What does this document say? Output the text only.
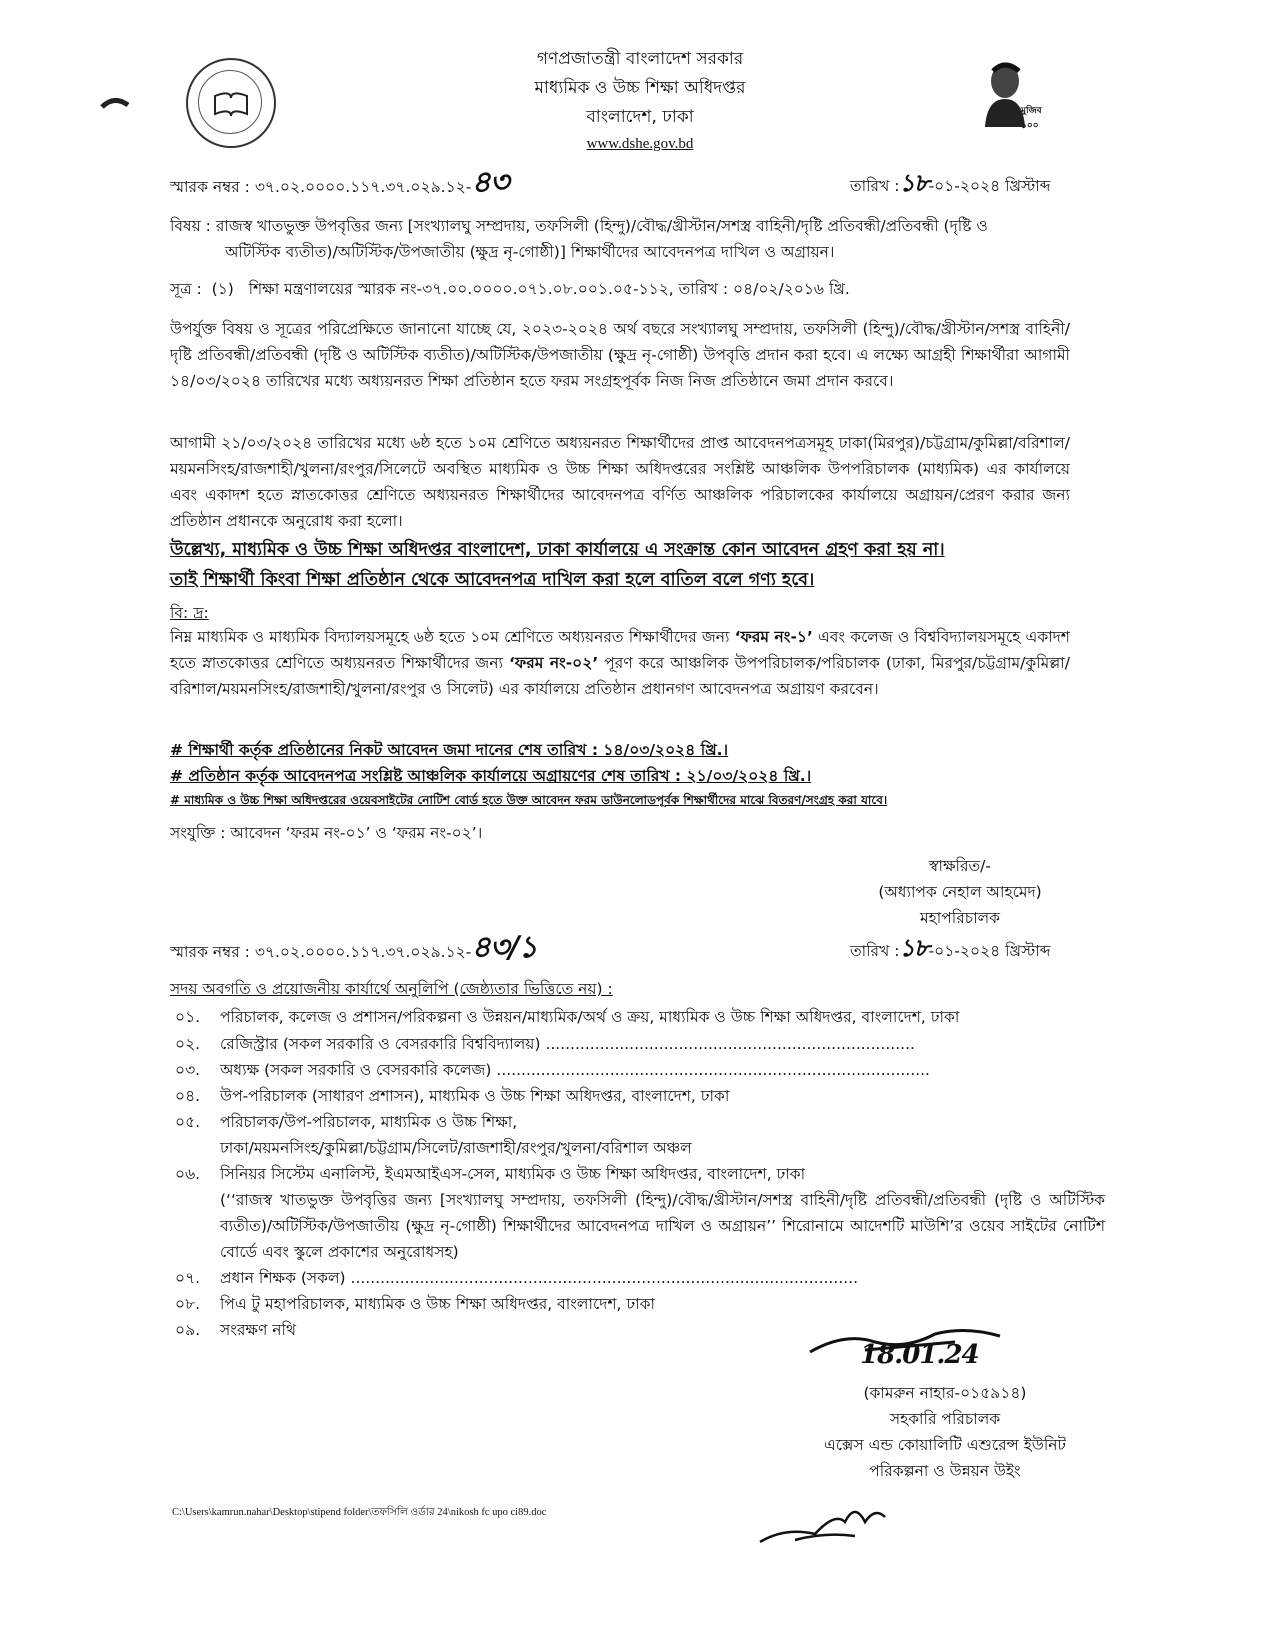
মুজিব ১০০
গণপ্রজাতন্ত্রী বাংলাদেশ সরকার
মাধ্যমিক ও উচ্চ শিক্ষা অধিদপ্তর
বাংলাদেশ, ঢাকা
www.dshe.gov.bd
স্মারক নম্বর : ৩৭.০২.০০০০.১১৭.৩৭.০২৯.১২-৪৩	তারিখ :১৮-০১-২০২৪ খ্রিস্টাব্দ
বিষয় : রাজস্ব খাতভুক্ত উপবৃত্তির জন্য [সংখ্যালঘু সম্প্রদায়, তফসিলী (হিন্দু)/বৌদ্ধ/খ্রীস্টান/সশস্ত্র বাহিনী/দৃষ্টি প্রতিবন্ধী/প্রতিবন্ধী (দৃষ্টি ও
অটিস্টিক ব্যতীত)/অটিস্টিক/উপজাতীয় (ক্ষুদ্র নৃ-গোষ্ঠী)] শিক্ষার্থীদের আবেদনপত্র দাখিল ও অগ্রায়ন।
সূত্র : (১) শিক্ষা মন্ত্রণালয়ের স্মারক নং-৩৭.০০.০০০০.০৭১.০৮.০০১.০৫-১১২, তারিখ : ০৪/০২/২০১৬ খ্রি.
উপর্যুক্ত বিষয় ও সূত্রের পরিপ্রেক্ষিতে জানানো যাচ্ছে যে, ২০২৩-২০২৪ অর্থ বছরে সংখ্যালঘু সম্প্রদায়, তফসিলী (হিন্দু)/বৌদ্ধ/খ্রীস্টান/সশস্ত্র বাহিনী/দৃষ্টি প্রতিবন্ধী/প্রতিবন্ধী (দৃষ্টি ও অটিস্টিক ব্যতীত)/অটিস্টিক/উপজাতীয় (ক্ষুদ্র নৃ-গোষ্ঠী) উপবৃত্তি প্রদান করা হবে। এ লক্ষ্যে আগ্রহী শিক্ষার্থীরা আগামী ১৪/০৩/২০২৪ তারিখের মধ্যে অধ্যয়নরত শিক্ষা প্রতিষ্ঠান হতে ফরম সংগ্রহপূর্বক নিজ নিজ প্রতিষ্ঠানে জমা প্রদান করবে।
আগামী ২১/০৩/২০২৪ তারিখের মধ্যে ৬ষ্ঠ হতে ১০ম শ্রেণিতে অধ্যয়নরত শিক্ষার্থীদের প্রাপ্ত আবেদনপত্রসমূহ ঢাকা(মিরপুর)/চট্টগ্রাম/কুমিল্লা/বরিশাল/ময়মনসিংহ/রাজশাহী/খুলনা/রংপুর/সিলেটে অবস্থিত মাধ্যমিক ও উচ্চ শিক্ষা অধিদপ্তরের সংশ্লিষ্ট আঞ্চলিক উপপরিচালক (মাধ্যমিক) এর কার্যালয়ে এবং একাদশ হতে স্নাতকোত্তর শ্রেণিতে অধ্যয়নরত শিক্ষার্থীদের আবেদনপত্র বর্ণিত আঞ্চলিক পরিচালকের কার্যালয়ে অগ্রায়ন/প্রেরণ করার জন্য প্রতিষ্ঠান প্রধানকে অনুরোধ করা হলো।
উল্লেখ্য, মাধ্যমিক ও উচ্চ শিক্ষা অধিদপ্তর বাংলাদেশ, ঢাকা কার্যালয়ে এ সংক্রান্ত কোন আবেদন গ্রহণ করা হয় না।
তাই শিক্ষার্থী কিংবা শিক্ষা প্রতিষ্ঠান থেকে আবেদনপত্র দাখিল করা হলে বাতিল বলে গণ্য হবে।
বি: দ্র:
নিম্ন মাধ্যমিক ও মাধ্যমিক বিদ্যালয়সমূহে ৬ষ্ঠ হতে ১০ম শ্রেণিতে অধ্যয়নরত শিক্ষার্থীদের জন্য ‘ফরম নং-১’ এবং কলেজ ও বিশ্ববিদ্যালয়সমূহে একাদশ হতে স্নাতকোত্তর শ্রেণিতে অধ্যয়নরত শিক্ষার্থীদের জন্য ‘ফরম নং-০২’ পূরণ করে আঞ্চলিক উপপরিচালক/পরিচালক (ঢাকা, মিরপুর/চট্টগ্রাম/কুমিল্লা/বরিশাল/ময়মনসিংহ/রাজশাহী/খুলনা/রংপুর ও সিলেট) এর কার্যালয়ে প্রতিষ্ঠান প্রধানগণ আবেদনপত্র অগ্রায়ণ করবেন।
# শিক্ষার্থী কর্তৃক প্রতিষ্ঠানের নিকট আবেদন জমা দানের শেষ তারিখ : ১৪/০৩/২০২৪ খ্রি.।
# প্রতিষ্ঠান কর্তৃক আবেদনপত্র সংশ্লিষ্ট আঞ্চলিক কার্যালয়ে অগ্রায়ণের শেষ তারিখ : ২১/০৩/২০২৪ খ্রি.।
# মাধ্যমিক ও উচ্চ শিক্ষা অধিদপ্তরের ওয়েবসাইটের নোটিশ বোর্ড হতে উক্ত আবেদন ফরম ডাউনলোডপূর্বক শিক্ষার্থীদের মাঝে বিতরণ/সংগ্রহ করা যাবে।
সংযুক্তি : আবেদন ‘ফরম নং-০১’ ও ‘ফরম নং-০২’।
স্বাক্ষরিত/-
(অধ্যাপক নেহাল আহমেদ)
মহাপরিচালক
স্মারক নম্বর : ৩৭.০২.০০০০.১১৭.৩৭.০২৯.১২-৪৩/১	তারিখ :১৮-০১-২০২৪ খ্রিস্টাব্দ
সদয় অবগতি ও প্রয়োজনীয় কার্যার্থে অনুলিপি (জেষ্ঠ্যতার ভিত্তিতে নয়) :
০১.	পরিচালক, কলেজ ও প্রশাসন/পরিকল্পনা ও উন্নয়ন/মাধ্যমিক/অর্থ ও ক্রয়, মাধ্যমিক ও উচ্চ শিক্ষা অধিদপ্তর, বাংলাদেশ, ঢাকা
০২.	রেজিস্ট্রার (সকল সরকারি ও বেসরকারি বিশ্ববিদ্যালয়) ...........................................................................
০৩.	অধ্যক্ষ (সকল সরকারি ও বেসরকারি কলেজ) ........................................................................................
০৪.	উপ-পরিচালক (সাধারণ প্রশাসন), মাধ্যমিক ও উচ্চ শিক্ষা অধিদপ্তর, বাংলাদেশ, ঢাকা
০৫.	পরিচালক/উপ-পরিচালক, মাধ্যমিক ও উচ্চ শিক্ষা,
ঢাকা/ময়মনসিংহ/কুমিল্লা/চট্টগ্রাম/সিলেট/রাজশাহী/রংপুর/খুলনা/বরিশাল অঞ্চল
০৬.	সিনিয়র সিস্টেম এনালিস্ট, ইএমআইএস-সেল, মাধ্যমিক ও উচ্চ শিক্ষা অধিদপ্তর, বাংলাদেশ, ঢাকা
(‘‘রাজস্ব খাতভুক্ত উপবৃত্তির জন্য [সংখ্যালঘু সম্প্রদায়, তফসিলী (হিন্দু)/বৌদ্ধ/খ্রীস্টান/সশস্ত্র বাহিনী/দৃষ্টি প্রতিবন্ধী/প্রতিবন্ধী (দৃষ্টি ও অটিস্টিক ব্যতীত)/অটিস্টিক/উপজাতীয় (ক্ষুদ্র নৃ-গোষ্ঠী) শিক্ষার্থীদের আবেদনপত্র দাখিল ও অগ্রায়ন’’ শিরোনামে আদেশটি মাউশি’র ওয়েব সাইটের নোটিশ বোর্ডে এবং স্কুলে প্রকাশের অনুরোধসহ)
০৭.	প্রধান শিক্ষক (সকল) .......................................................................................................
০৮.	পিএ টু মহাপরিচালক, মাধ্যমিক ও উচ্চ শিক্ষা অধিদপ্তর, বাংলাদেশ, ঢাকা
০৯.	সংরক্ষণ নথি
18.01.24
(কামরুন নাহার-০১৫৯১৪)
সহকারি পরিচালক
এক্সেস এন্ড কোয়ালিটি এশুরেন্স ইউনিট
পরিকল্পনা ও উন্নয়ন উইং
C:\Users\kamrun.nahar\Desktop\stipend folder\তফসিলি ওর্ডার 24\nikosh fc upo ci89.doc
